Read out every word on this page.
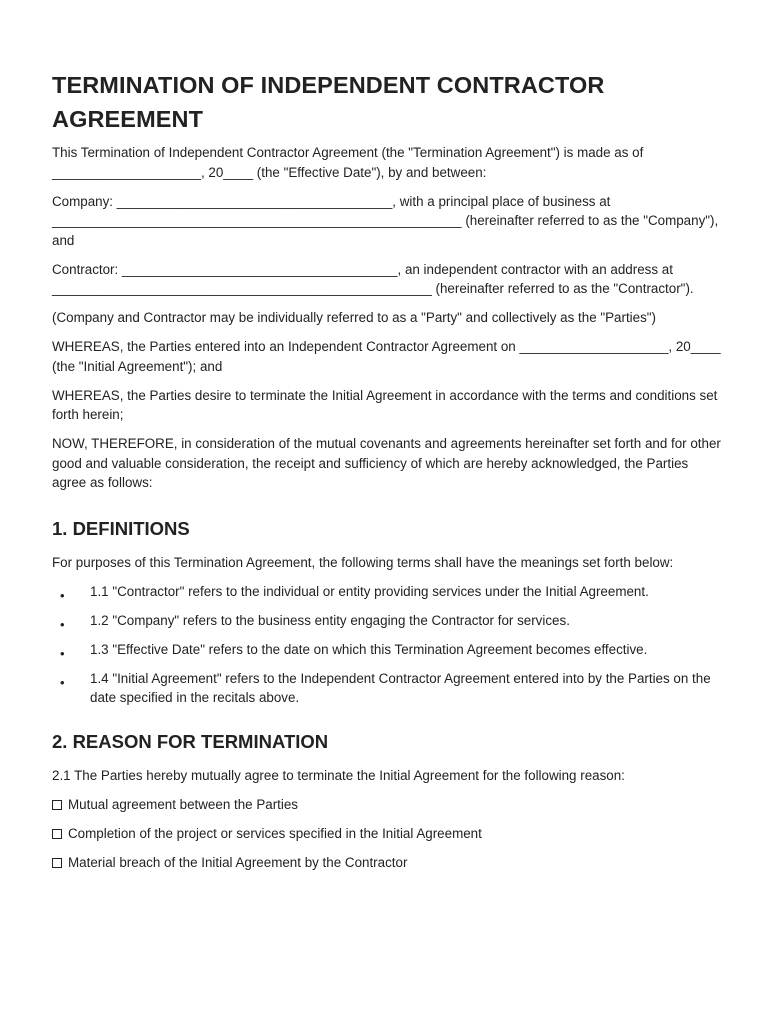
TERMINATION OF INDEPENDENT CONTRACTOR
AGREEMENT

This Termination of Independent Contractor Agreement (the "Termination Agreement") is made as of ____________________, 20____ (the "Effective Date"), by and between:

Company: _____________________________________, with a principal place of business at _______________________________________________________ (hereinafter referred to as the "Company"), and

Contractor: _____________________________________, an independent contractor with an address at ___________________________________________________ (hereinafter referred to as the "Contractor").

(Company and Contractor may be individually referred to as a "Party" and collectively as the "Parties")

WHEREAS, the Parties entered into an Independent Contractor Agreement on ____________________, 20____ (the "Initial Agreement"); and

WHEREAS, the Parties desire to terminate the Initial Agreement in accordance with the terms and conditions set forth herein;

NOW, THEREFORE, in consideration of the mutual covenants and agreements hereinafter set forth and for other good and valuable consideration, the receipt and sufficiency of which are hereby acknowledged, the Parties agree as follows:

1. DEFINITIONS

For purposes of this Termination Agreement, the following terms shall have the meanings set forth below:

• 1.1 "Contractor" refers to the individual or entity providing services under the Initial Agreement.
• 1.2 "Company" refers to the business entity engaging the Contractor for services.
• 1.3 "Effective Date" refers to the date on which this Termination Agreement becomes effective.
• 1.4 "Initial Agreement" refers to the Independent Contractor Agreement entered into by the Parties on the date specified in the recitals above.
2. REASON FOR TERMINATION

2.1 The Parties hereby mutually agree to terminate the Initial Agreement for the following reason:

Mutual agreement between the Parties
Completion of the project or services specified in the Initial Agreement
Material breach of the Initial Agreement by the Contractor
